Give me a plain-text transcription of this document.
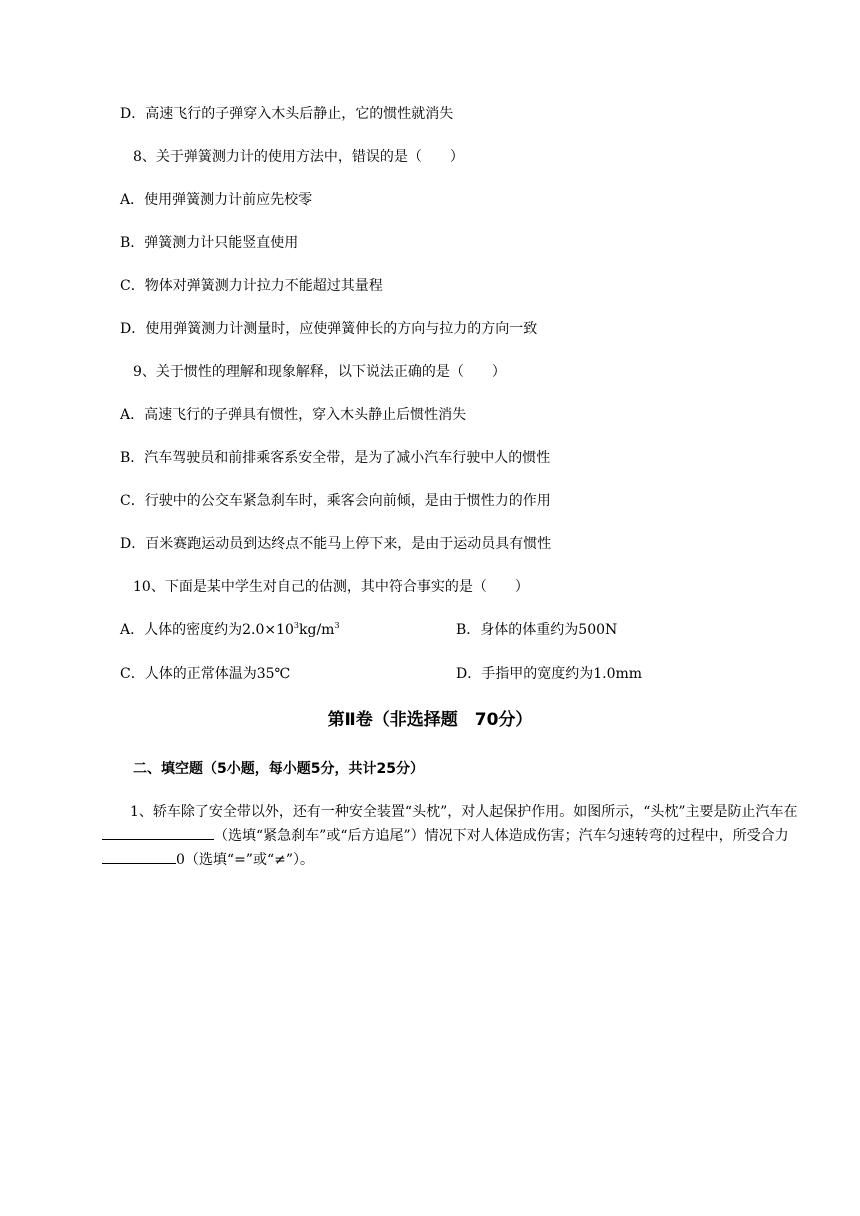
D．高速飞行的子弹穿入木头后静止，它的惯性就消失
8、关于弹簧测力计的使用方法中，错误的是（　　）
A．使用弹簧测力计前应先校零
B．弹簧测力计只能竖直使用
C．物体对弹簧测力计拉力不能超过其量程
D．使用弹簧测力计测量时，应使弹簧伸长的方向与拉力的方向一致
9、关于惯性的理解和现象解释，以下说法正确的是（　　）
A．高速飞行的子弹具有惯性，穿入木头静止后惯性消失
B．汽车驾驶员和前排乘客系安全带，是为了减小汽车行驶中人的惯性
C．行驶中的公交车紧急刹车时，乘客会向前倾，是由于惯性力的作用
D．百米赛跑运动员到达终点不能马上停下来，是由于运动员具有惯性
10、下面是某中学生对自己的估测，其中符合事实的是（　　）
A．人体的密度约为$2.0\times 10^3kg/m^3$	B．身体的体重约为500N
C．人体的正常体温为35℃	D．手指甲的宽度约为1.0mm
第Ⅱ卷（非选择题　70分）
二、填空题（5小题，每小题5分，共计25分）
1、轿车除了安全带以外，还有一种安全装置“头枕”，对人起保护作用。如图所示，“头枕”主要是防止汽车在（选填“紧急刹车”或“后方追尾”）情况下对人体造成伤害；汽车匀速转弯的过程中，所受合力0（选填“=”或“≠”）。
